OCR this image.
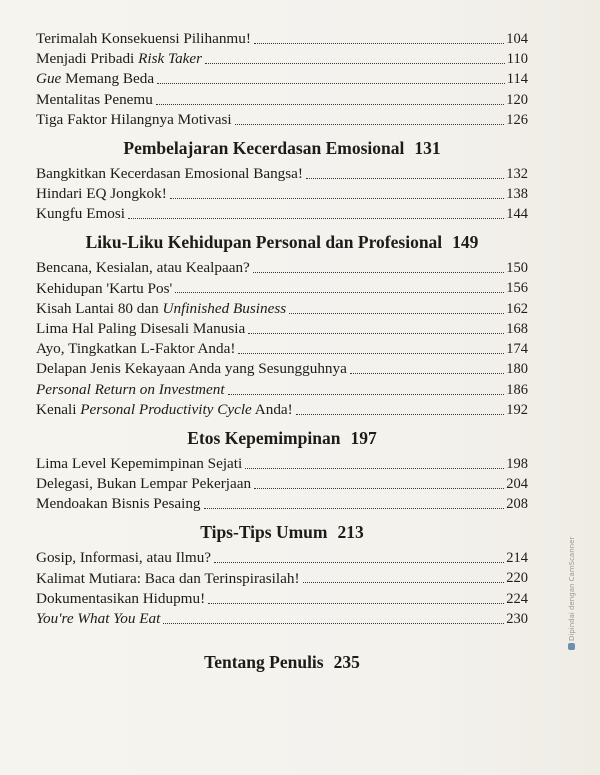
Terimalah Konsekuensi Pilihanmu!	104
Menjadi Pribadi Risk Taker	110
Gue Memang Beda	114
Mentalitas Penemu	120
Tiga Faktor Hilangnya Motivasi	126
Pembelajaran Kecerdasan Emosional 131
Bangkitkan Kecerdasan Emosional Bangsa!	132
Hindari EQ Jongkok!	138
Kungfu Emosi	144
Liku-Liku Kehidupan Personal dan Profesional 149
Bencana, Kesialan, atau Kealpaan?	150
Kehidupan 'Kartu Pos'	156
Kisah Lantai 80 dan Unfinished Business	162
Lima Hal Paling Disesali Manusia	168
Ayo, Tingkatkan L-Faktor Anda!	174
Delapan Jenis Kekayaan Anda yang Sesungguhnya	180
Personal Return on Investment	186
Kenali Personal Productivity Cycle Anda!	192
Etos Kepemimpinan 197
Lima Level Kepemimpinan Sejati	198
Delegasi, Bukan Lempar Pekerjaan	204
Mendoakan Bisnis Pesaing	208
Tips-Tips Umum 213
Gosip, Informasi, atau Ilmu?	214
Kalimat Mutiara: Baca dan Terinspirasilah!	220
Dokumentasikan Hidupmu!	224
You're What You Eat	230
Tentang Penulis 235
Dipindai dengan CamScanner
